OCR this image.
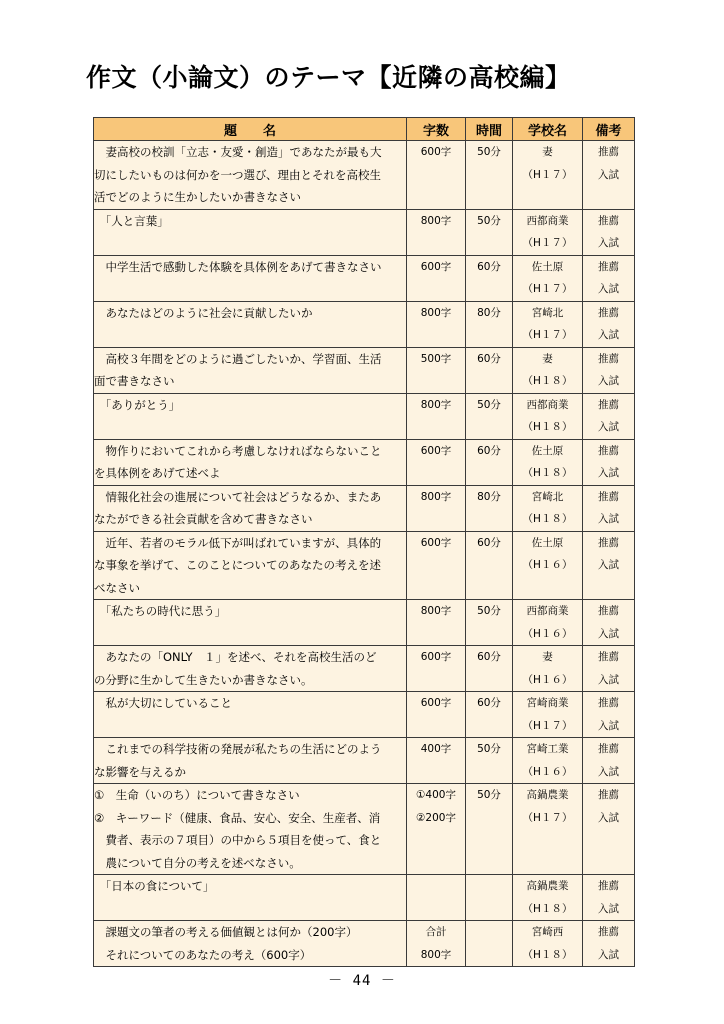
作文（小論文）のテーマ【近隣の高校編】
題　　名	字数	時間	学校名	備考

　妻高校の校訓「立志・友愛・創造」であなたが最も大
切にしたいものは何かを一つ選び、理由とそれを高校生
活でどのように生かしたいか書きなさい	600字	50分	妻
（H１７）	推薦
入試

　「人と言葉」	800字	50分	西都商業
（H１７）	推薦
入試

　中学生活で感動した体験を具体例をあげて書きなさい	600字	60分	佐土原
（H１７）	推薦
入試

　あなたはどのように社会に貢献したいか	800字	80分	宮崎北
（H１７）	推薦
入試

　高校３年間をどのように過ごしたいか、学習面、生活
面で書きなさい	500字	60分	妻
（H１８）	推薦
入試

　「ありがとう」	800字	50分	西都商業
（H１８）	推薦
入試

　物作りにおいてこれから考慮しなければならないこと
を具体例をあげて述べよ	600字	60分	佐土原
（H１８）	推薦
入試

　情報化社会の進展について社会はどうなるか、またあ
なたができる社会貢献を含めて書きなさい	800字	80分	宮崎北
（H１８）	推薦
入試

　近年、若者のモラル低下が叫ばれていますが、具体的
な事象を挙げて、このことについてのあなたの考えを述
べなさい	600字	60分	佐土原
（H１６）	推薦
入試

　「私たちの時代に思う」	800字	50分	西都商業
（H１６）	推薦
入試

　あなたの「ONLY　１」を述べ、それを高校生活のど
の分野に生かして生きたいか書きなさい。	600字	60分	妻
（H１６）	推薦
入試

　私が大切にしていること	600字	60分	宮崎商業
（H１７）	推薦
入試

　これまでの科学技術の発展が私たちの生活にどのよう
な影響を与えるか	400字	50分	宮崎工業
（H１６）	推薦
入試

①　生命（いのち）について書きなさい
②　キーワード（健康、食品、安心、安全、生産者、消
　費者、表示の７項目）の中から５項目を使って、食と
　農について自分の考えを述べなさい。	①400字
②200字	50分	高鍋農業
（H１７）	推薦
入試

　「日本の食について」			高鍋農業
（H１８）	推薦
入試

　課題文の筆者の考える価値観とは何か（200字）
　それについてのあなたの考え（600字）	合計
800字		宮崎西
（H１８）	推薦
入試
－ 44 －
